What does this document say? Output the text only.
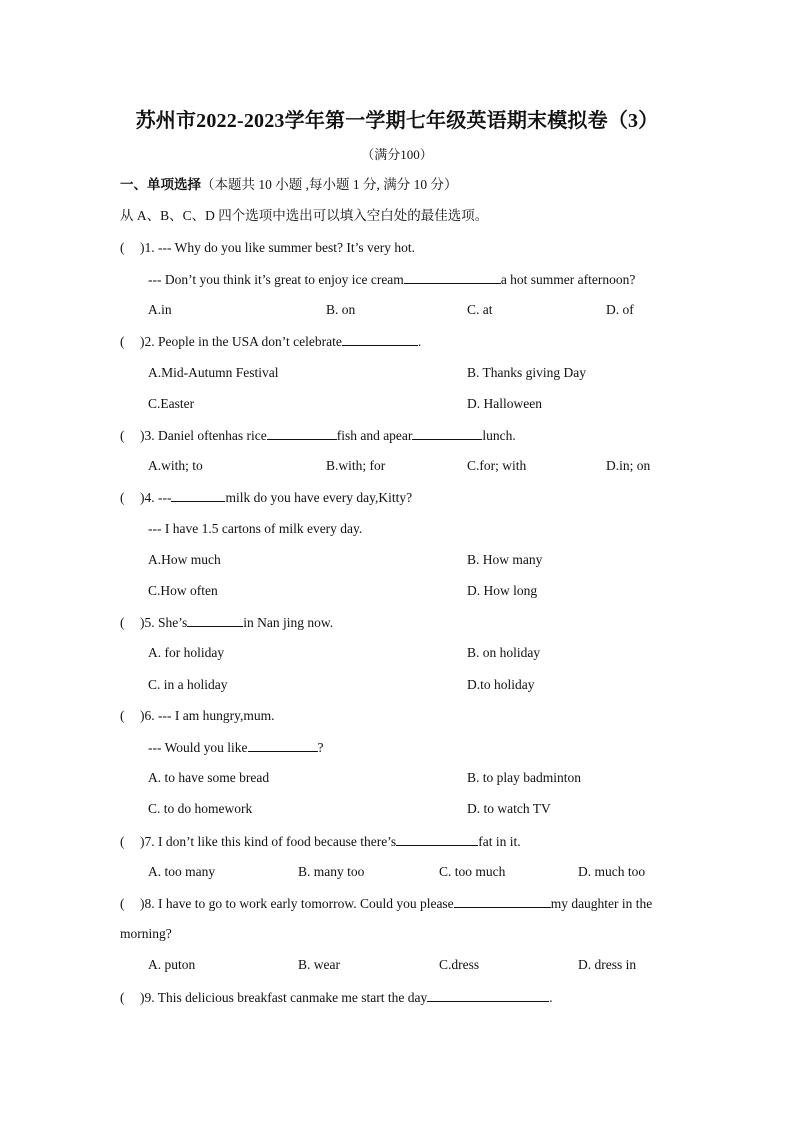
苏州市2022-2023学年第一学期七年级英语期末模拟卷（3）
（满分100）
一、单项选择（本题共 10 小题 ,每小题 1 分, 满分 10 分）
从 A、B、C、D 四个选项中选出可以填入空白处的最佳选项。
( )1. --- Why do you like summer best? It’s very hot.
--- Don’t you think it’s great to enjoy ice cream	a hot summer afternoon?
A.in	B. on	C. at	D. of
( )2. People in the USA don’t celebrate	.
A.Mid-Autumn Festival	B. Thanks giving Day
C.Easter	D. Halloween
( )3. Daniel oftenhas rice	fish and apear	lunch.
A.with; to	B.with; for	C.for; with	D.in; on
( )4. ---	milk do you have every day,Kitty?
--- I have 1.5 cartons of milk every day.
A.How much	B. How many
C.How often	D. How long
( )5. She’s	in Nan jing now.
A. for holiday	B. on holiday
C. in a holiday	D.to holiday
( )6. --- I am hungry,mum.
--- Would you like	?
A. to have some bread	B. to play badminton
C. to do homework	D. to watch TV
( )7. I don’t like this kind of food because there’s	fat in it.
A. too many	B. many too	C. too much	D. much too
( )8. I have to go to work early tomorrow. Could you please	my daughter in the
morning?
A. puton	B. wear	C.dress	D. dress in
( )9. This delicious breakfast canmake me start the day	.
